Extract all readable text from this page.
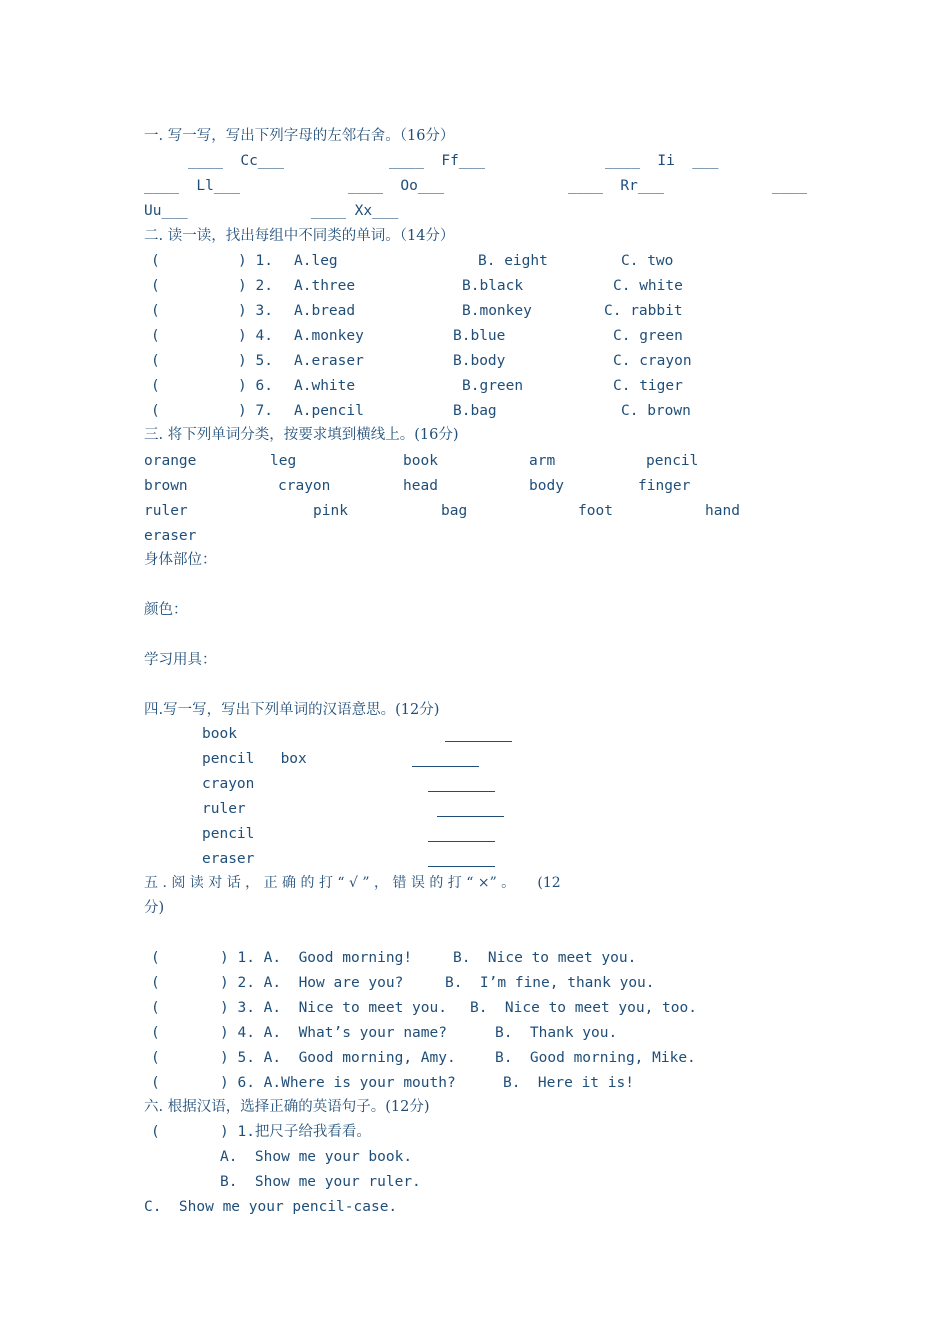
一. 写一写，写出下列字母的左邻右舍。（16分）
____  Cc___	____  Ff___	____  Ii  ___
____  Ll___	____  Oo___	____  Rr___	____
Uu___	____ Xx___
二. 读一读，找出每组中不同类的单词。（14分）
(	) 1. A.leg	B. eight	C. two
(	) 2. A.three	B.black	C. white
(	) 3. A.bread	B.monkey	C. rabbit
(	) 4. A.monkey	B.blue	C. green
(	) 5. A.eraser	B.body	C. crayon
(	) 6. A.white	B.green	C. tiger
(	) 7. A.pencil	B.bag	C. brown
三. 将下列单词分类，按要求填到横线上。(16分)
orange	leg	book	arm	pencil
brown	crayon	head	body	finger
ruler	pink	bag	foot	hand
eraser
身体部位：
颜色：
学习用具：
四.写一写，写出下列单词的汉语意思。(12分)
book
pencil   box
crayon
ruler
pencil
eraser
五 . 阅 读 对 话 ， 正 确 的 打 “ √ ” ， 错 误 的 打 “ ×” 。     (12
分)
(	) 1. A.  Good morning!	B.  Nice to meet you.
(	) 2. A.  How are you?	B.  I’m fine, thank you.
(	) 3. A.  Nice to meet you. B.  Nice to meet you, too.
(	) 4. A.  What’s your name?	B.  Thank you.
(	) 5. A.  Good morning, Amy.	B.  Good morning, Mike.
(	) 6. A.Where is your mouth?	B.  Here it is!
六. 根据汉语，选择正确的英语句子。(12分)
(	) 1.把尺子给我看看。
A.  Show me your book.
B.  Show me your ruler.
C.  Show me your pencil-case.
